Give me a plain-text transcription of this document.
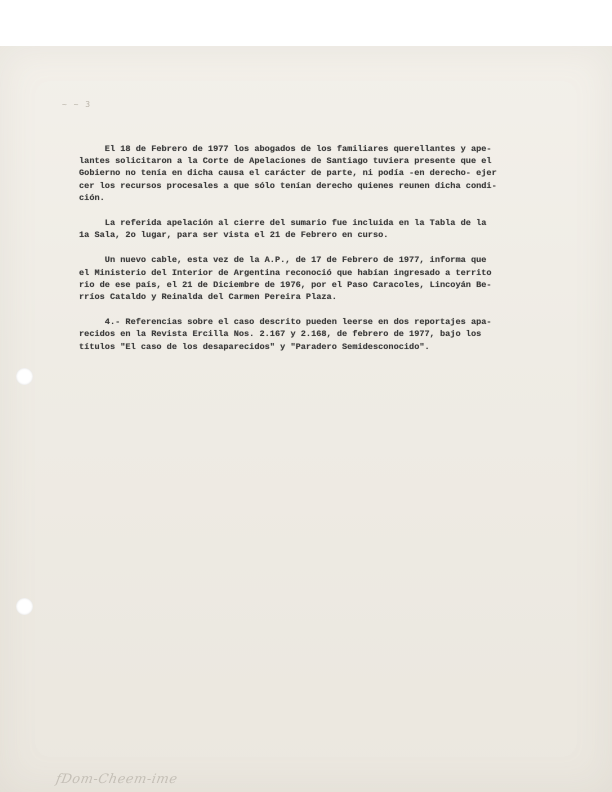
~ ~ 3
El 18 de Febrero de 1977 los abogados de los familiares querellantes y ape-
lantes solicitaron a la Corte de Apelaciones de Santiago tuviera presente que el
Gobierno no tenía en dicha causa el carácter de parte, ni podía -en derecho- ejer
cer los recursos procesales a que sólo tenían derecho quienes reunen dicha condi-
ción.
La referida apelación al cierre del sumario fue incluida en la Tabla de la
1a Sala, 2o lugar, para ser vista el 21 de Febrero en curso.
Un nuevo cable, esta vez de la A.P., de 17 de Febrero de 1977, informa que
el Ministerio del Interior de Argentina reconoció que habían ingresado a territo
rio de ese país, el 21 de Diciembre de 1976, por el Paso Caracoles, Lincoyán Be-
rríos Cataldo y Reinalda del Carmen Pereira Plaza.
4.- Referencias sobre el caso descrito pueden leerse en dos reportajes apa-
recidos en la Revista Ercilla Nos. 2.167 y 2.168, de febrero de 1977, bajo los
títulos "El caso de los desaparecidos" y "Paradero Semidesconocido".
fDom-Cheem-ime
